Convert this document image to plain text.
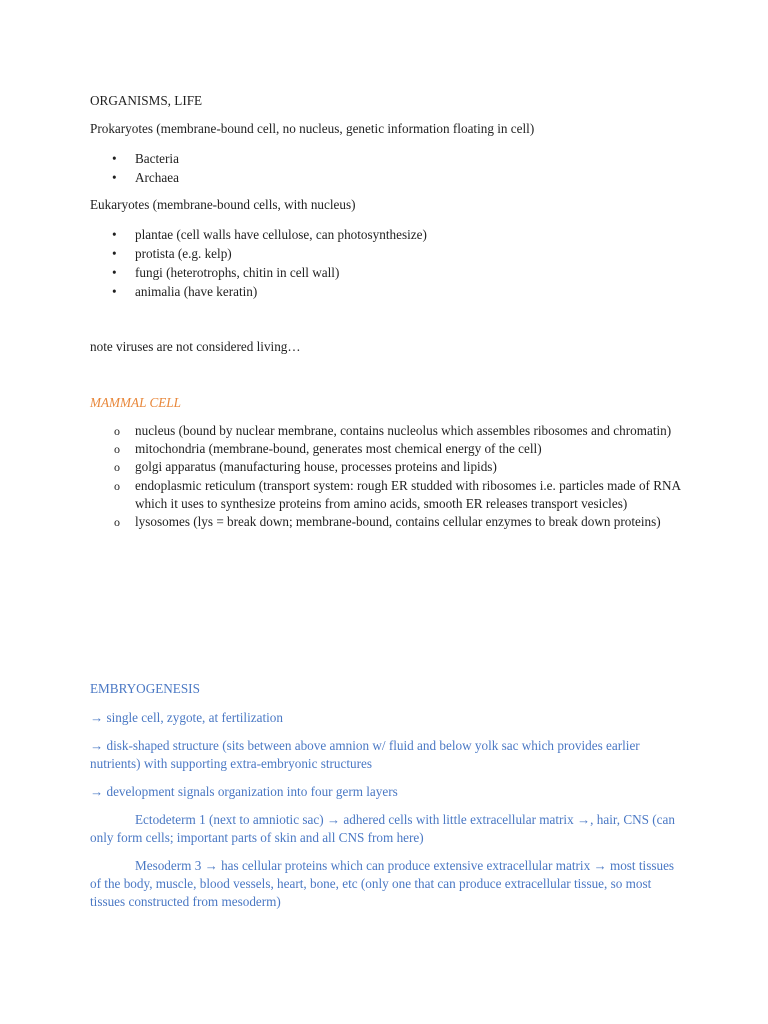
ORGANISMS, LIFE

Prokaryotes (membrane-bound cell, no nucleus, genetic information floating in cell)

• Bacteria
• Archaea

Eukaryotes (membrane-bound cells, with nucleus)

• plantae (cell walls have cellulose, can photosynthesize)
• protista (e.g. kelp)
• fungi (heterotrophs, chitin in cell wall)
• animalia (have keratin)

note viruses are not considered living…

MAMMAL CELL

o nucleus (bound by nuclear membrane, contains nucleolus which assembles ribosomes and chromatin)
o mitochondria (membrane-bound, generates most chemical energy of the cell)
o golgi apparatus (manufacturing house, processes proteins and lipids)
o endoplasmic reticulum (transport system: rough ER studded with ribosomes i.e. particles made of RNA which it uses to synthesize proteins from amino acids, smooth ER releases transport vesicles)
o lysosomes (lys = break down; membrane-bound, contains cellular enzymes to break down proteins)

EMBRYOGENESIS

→ single cell, zygote, at fertilization

→ disk-shaped structure (sits between above amnion w/ fluid and below yolk sac which provides earlier nutrients) with supporting extra-embryonic structures

→ development signals organization into four germ layers

Ectodeterm 1 (next to amniotic sac) → adhered cells with little extracellular matrix →, hair, CNS (can only form cells; important parts of skin and all CNS from here)

Mesoderm 3 → has cellular proteins which can produce extensive extracellular matrix → most tissues of the body, muscle, blood vessels, heart, bone, etc (only one that can produce extracellular tissue, so most tissues constructed from mesoderm)
